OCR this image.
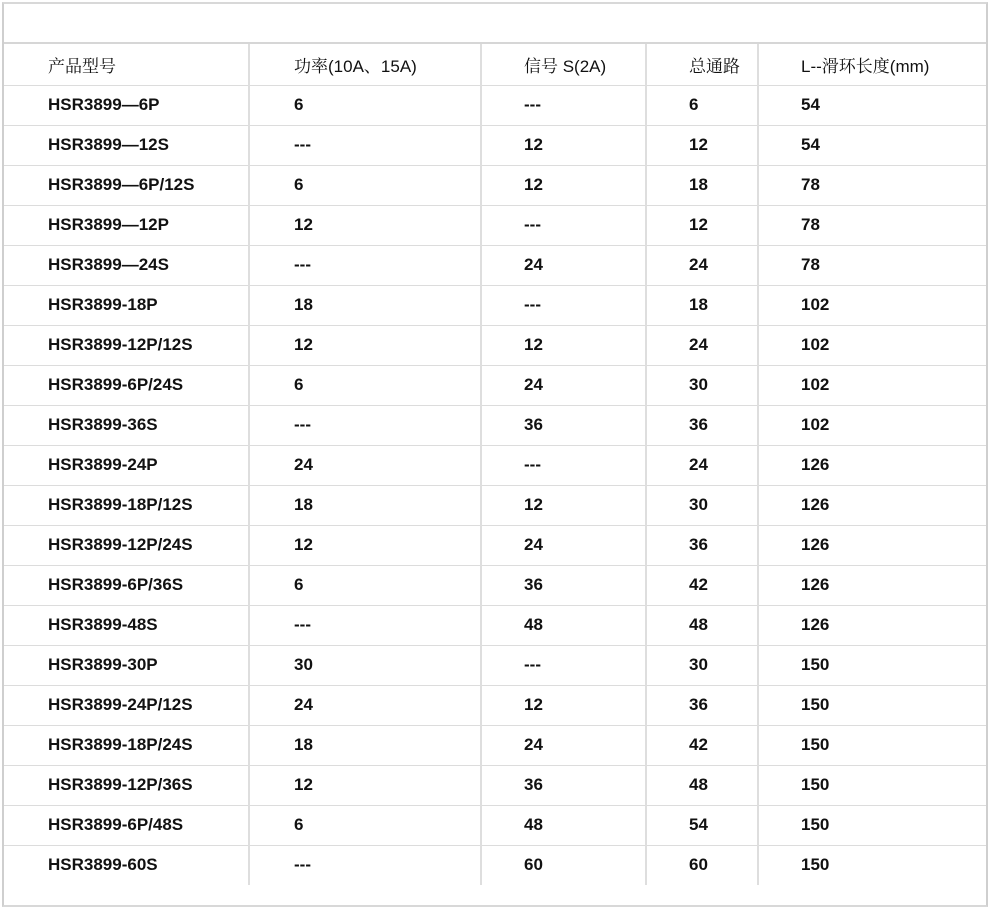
产品型号	功率(10A、15A)	信号 S(2A)	总通路	L--滑环长度(mm)
HSR3899—6P	6	---	6	54
HSR3899—12S	---	12	12	54
HSR3899—6P/12S	6	12	18	78
HSR3899—12P	12	---	12	78
HSR3899—24S	---	24	24	78
HSR3899-18P	18	---	18	102
HSR3899-12P/12S	12	12	24	102
HSR3899-6P/24S	6	24	30	102
HSR3899-36S	---	36	36	102
HSR3899-24P	24	---	24	126
HSR3899-18P/12S	18	12	30	126
HSR3899-12P/24S	12	24	36	126
HSR3899-6P/36S	6	36	42	126
HSR3899-48S	---	48	48	126
HSR3899-30P	30	---	30	150
HSR3899-24P/12S	24	12	36	150
HSR3899-18P/24S	18	24	42	150
HSR3899-12P/36S	12	36	48	150
HSR3899-6P/48S	6	48	54	150
HSR3899-60S	---	60	60	150
